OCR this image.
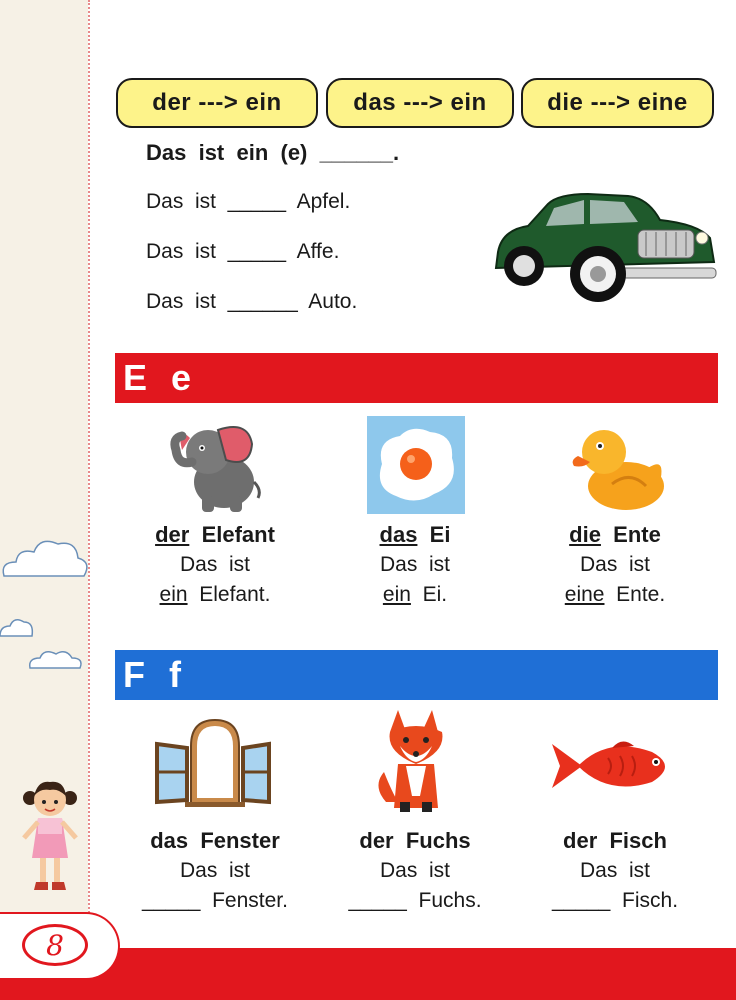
der
--->
ein	das
--->
ein	die
--->
eine
Das  ist  ein  (e)  ______.
Das  ist  _____  Apfel.
Das  ist  _____  Affe.
Das  ist  ______  Auto.
E e
der Elefant
Das  ist
ein Elefant.
das Ei
Das  ist
ein Ei.
die Ente
Das  ist
eine Ente.
F f
das  Fenster
Das  ist
_____  Fenster.
der  Fuchs
Das  ist
_____  Fuchs.
der  Fisch
Das  ist
_____  Fisch.
8
